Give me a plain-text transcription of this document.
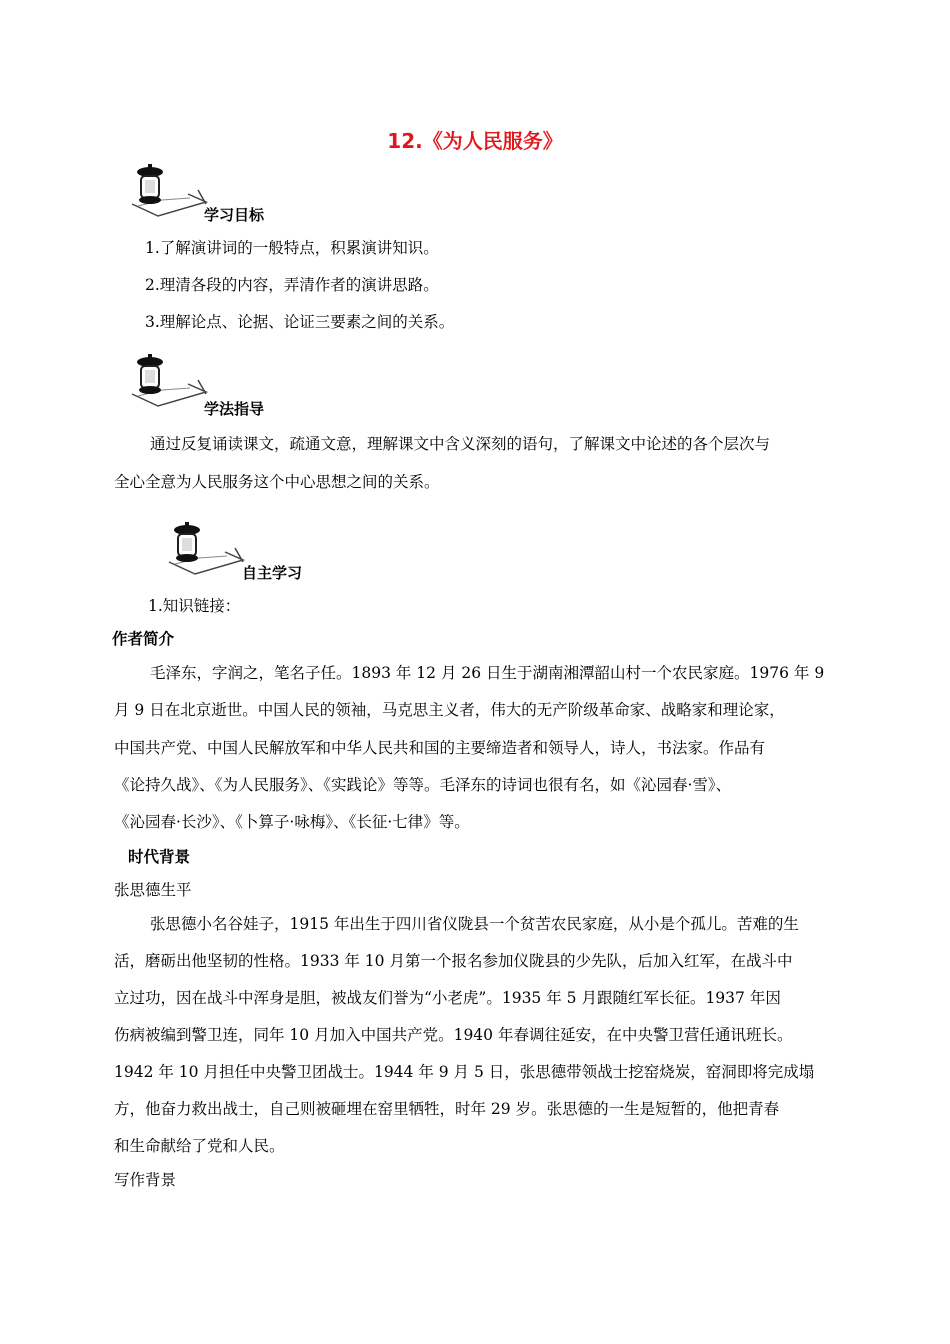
12.《为人民服务》
学习目标
1.了解演讲词的一般特点，积累演讲知识。
2.理清各段的内容，弄清作者的演讲思路。
3.理解论点、论据、论证三要素之间的关系。
学法指导
通过反复诵读课文，疏通文意，理解课文中含义深刻的语句，了解课文中论述的各个层次与
全心全意为人民服务这个中心思想之间的关系。
自主学习
1.知识链接：
作者简介
毛泽东，字润之，笔名子任。1893 年 12 月 26 日生于湖南湘潭韶山村一个农民家庭。1976 年 9
月 9 日在北京逝世。中国人民的领袖，马克思主义者，伟大的无产阶级革命家、战略家和理论家，
中国共产党、中国人民解放军和中华人民共和国的主要缔造者和领导人，诗人，书法家。作品有
《论持久战》、《为人民服务》、《实践论》等等。毛泽东的诗词也很有名，如《沁园春·雪》、
《沁园春·长沙》、《卜算子·咏梅》、《长征·七律》等。
时代背景
张思德生平
张思德小名谷娃子，1915 年出生于四川省仪陇县一个贫苦农民家庭，从小是个孤儿。苦难的生
活，磨砺出他坚韧的性格。1933 年 10 月第一个报名参加仪陇县的少先队，后加入红军，在战斗中
立过功，因在战斗中浑身是胆，被战友们誉为“小老虎”。1935 年 5 月跟随红军长征。1937 年因
伤病被编到警卫连，同年 10 月加入中国共产党。1940 年春调往延安，在中央警卫营任通讯班长。
1942 年 10 月担任中央警卫团战士。1944 年 9 月 5 日，张思德带领战士挖窑烧炭，窑洞即将完成塌
方，他奋力救出战士，自己则被砸埋在窑里牺牲，时年 29 岁。张思德的一生是短暂的，他把青春
和生命献给了党和人民。
写作背景
